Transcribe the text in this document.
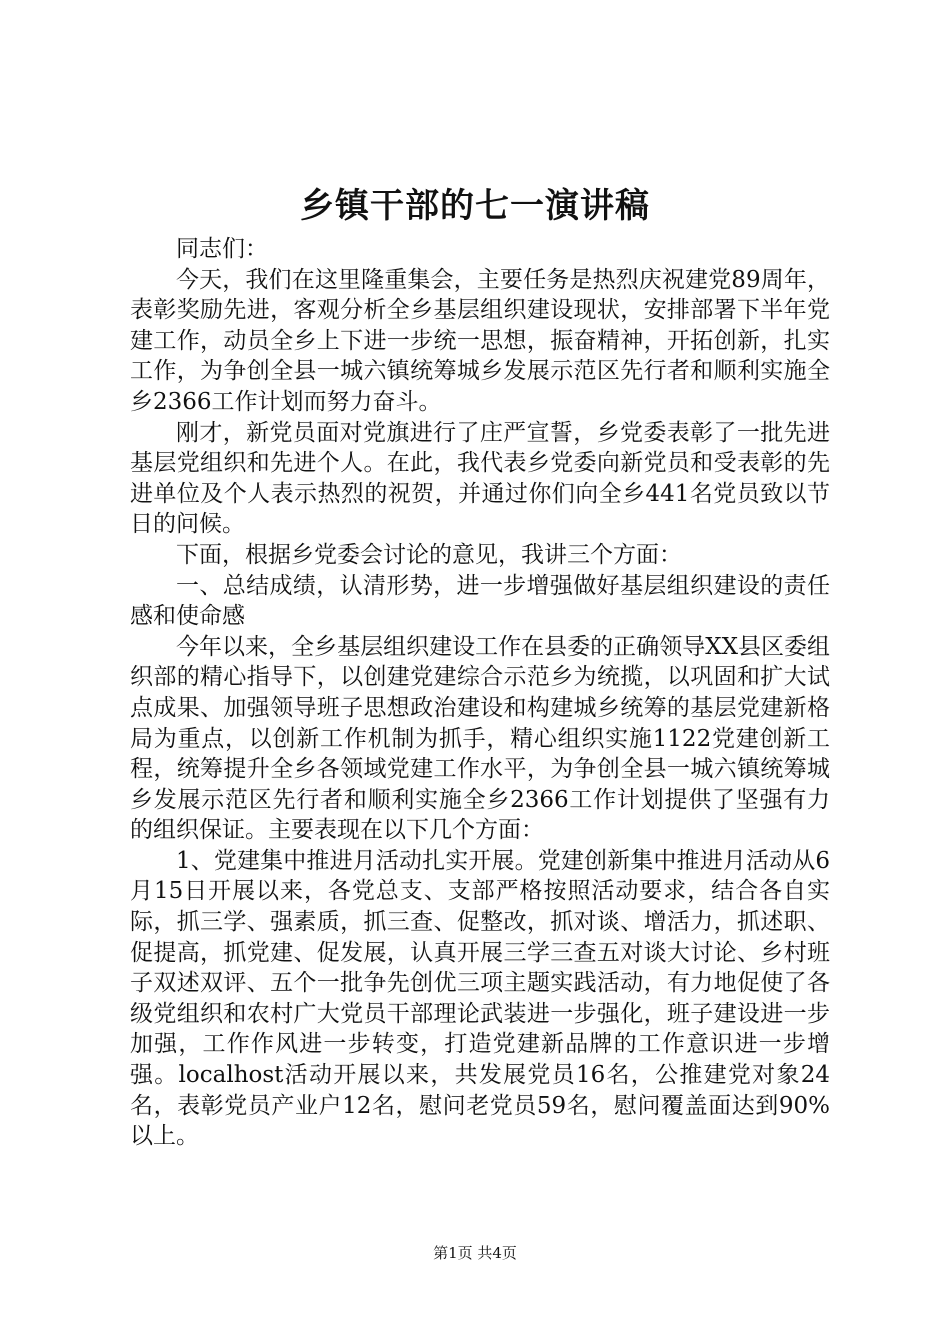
乡镇干部的七一演讲稿

同志们：

今天，我们在这里隆重集会，主要任务是热烈庆祝建党89周年，表彰奖励先进，客观分析全乡基层组织建设现状，安排部署下半年党建工作，动员全乡上下进一步统一思想，振奋精神，开拓创新，扎实工作，为争创全县一城六镇统筹城乡发展示范区先行者和顺利实施全乡2366工作计划而努力奋斗。

刚才，新党员面对党旗进行了庄严宣誓，乡党委表彰了一批先进基层党组织和先进个人。在此，我代表乡党委向新党员和受表彰的先进单位及个人表示热烈的祝贺，并通过你们向全乡441名党员致以节日的问候。

下面，根据乡党委会讨论的意见，我讲三个方面：

一、总结成绩，认清形势，进一步增强做好基层组织建设的责任感和使命感

今年以来，全乡基层组织建设工作在县委的正确领导XX县区委组织部的精心指导下，以创建党建综合示范乡为统揽，以巩固和扩大试点成果、加强领导班子思想政治建设和构建城乡统筹的基层党建新格局为重点，以创新工作机制为抓手，精心组织实施1122党建创新工程，统筹提升全乡各领域党建工作水平，为争创全县一城六镇统筹城乡发展示范区先行者和顺利实施全乡2366工作计划提供了坚强有力的组织保证。主要表现在以下几个方面：

1、党建集中推进月活动扎实开展。党建创新集中推进月活动从6月15日开展以来，各党总支、支部严格按照活动要求，结合各自实际，抓三学、强素质，抓三查、促整改，抓对谈、增活力，抓述职、促提高，抓党建、促发展，认真开展三学三查五对谈大讨论、乡村班子双述双评、五个一批争先创优三项主题实践活动，有力地促使了各级党组织和农村广大党员干部理论武装进一步强化，班子建设进一步加强，工作作风进一步转变，打造党建新品牌的工作意识进一步增强。localhost活动开展以来，共发展党员16名，公推建党对象24名，表彰党员产业户12名，慰问老党员59名，慰问覆盖面达到90%以上。

第1页 共4页
